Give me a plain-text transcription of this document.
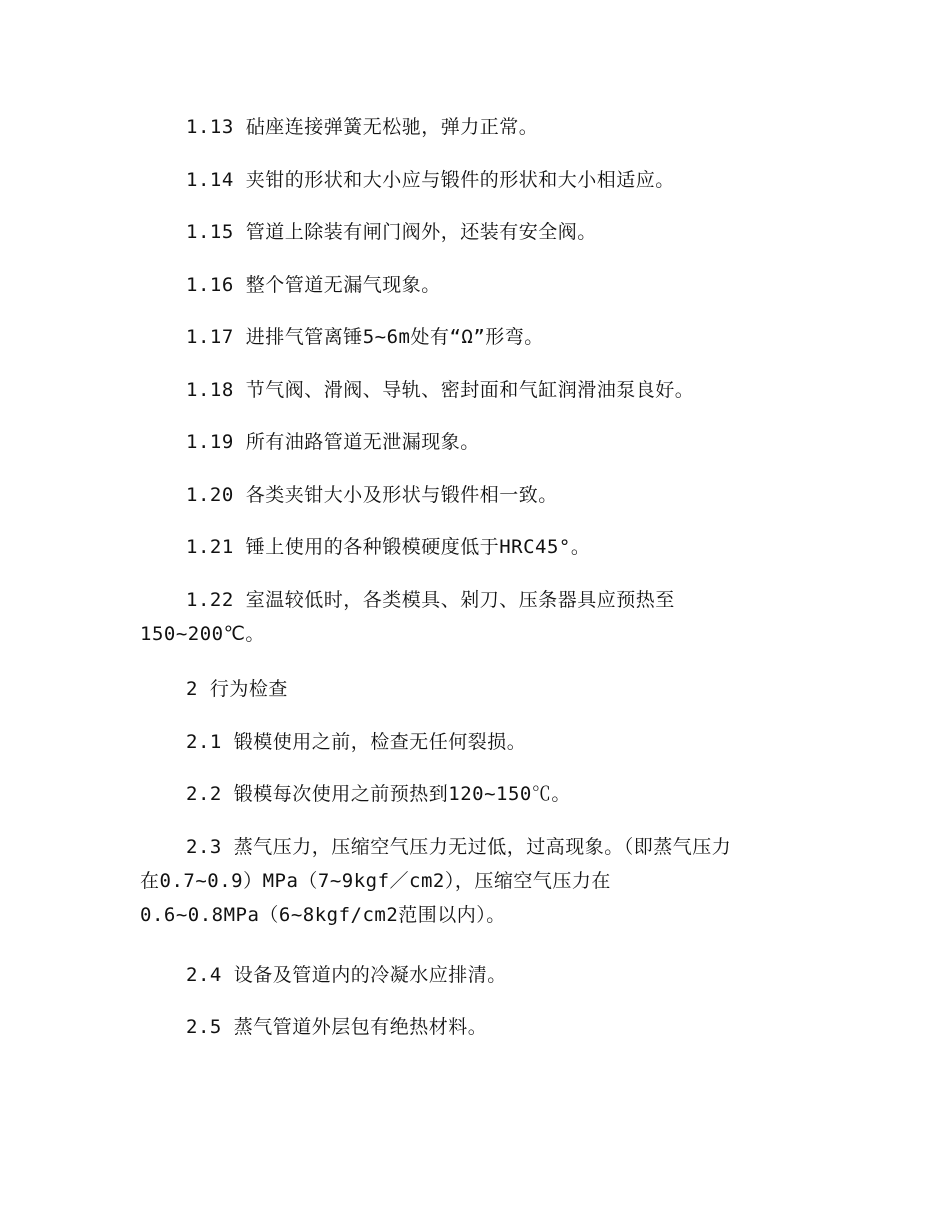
1.13 砧座连接弹簧无松驰，弹力正常。
1.14 夹钳的形状和大小应与锻件的形状和大小相适应。
1.15 管道上除装有闸门阀外，还装有安全阀。
1.16 整个管道无漏气现象。
1.17 进排气管离锤5~6m处有“Ω”形弯。
1.18 节气阀、滑阀、导轨、密封面和气缸润滑油泵良好。
1.19 所有油路管道无泄漏现象。
1.20 各类夹钳大小及形状与锻件相一致。
1.21 锤上使用的各种锻模硬度低于HRC45°。
1.22 室温较低时，各类模具、剁刀、压条器具应预热至
150~200℃。
2 行为检查
2.1 锻模使用之前，检查无任何裂损。
2.2 锻模每次使用之前预热到120~150℃。
2.3 蒸气压力，压缩空气压力无过低，过高现象。（即蒸气压力
在0.7~0.9）MPa（7~9kgf／cm2），压缩空气压力在
0.6~0.8MPa（6~8kgf/cm2范围以内）。
2.4 设备及管道内的冷凝水应排清。
2.5 蒸气管道外层包有绝热材料。
